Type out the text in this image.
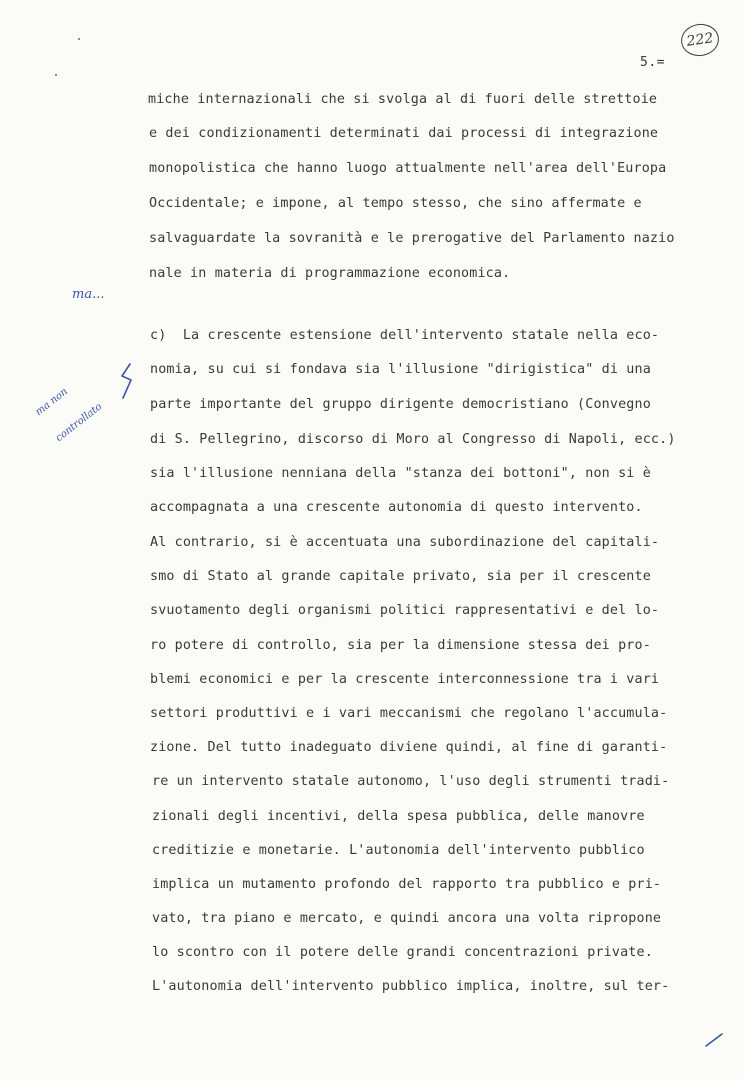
222
5.=
miche internazionali che si svolga al di fuori delle strettoie
e dei condizionamenti determinati dai processi di integrazione
monopolistica che hanno luogo attualmente nell'area dell'Europa
Occidentale; e impone, al tempo stesso, che sino affermate e
salvaguardate la sovranità e le prerogative del Parlamento nazio
nale in materia di programmazione economica.
c)  La crescente estensione dell'intervento statale nella eco-
nomia, su cui si fondava sia l'illusione "dirigistica" di una
parte importante del gruppo dirigente democristiano (Convegno
di S. Pellegrino, discorso di Moro al Congresso di Napoli, ecc.)
sia l'illusione nenniana della "stanza dei bottoni", non si è
accompagnata a una crescente autonomia di questo intervento.
Al contrario, si è accentuata una subordinazione del capitali-
smo di Stato al grande capitale privato, sia per il crescente
svuotamento degli organismi politici rappresentativi e del lo-
ro potere di controllo, sia per la dimensione stessa dei pro-
blemi economici e per la crescente interconnessione tra i vari
settori produttivi e i vari meccanismi che regolano l'accumula-
zione. Del tutto inadeguato diviene quindi, al fine di garanti-
re un intervento statale autonomo, l'uso degli strumenti tradi-
zionali degli incentivi, della spesa pubblica, delle manovre
creditizie e monetarie. L'autonomia dell'intervento pubblico
implica un mutamento profondo del rapporto tra pubblico e pri-
vato, tra piano e mercato, e quindi ancora una volta ripropone
lo scontro con il potere delle grandi concentrazioni private.
L'autonomia dell'intervento pubblico implica, inoltre, sul ter-
ma...

ma non

controllato
